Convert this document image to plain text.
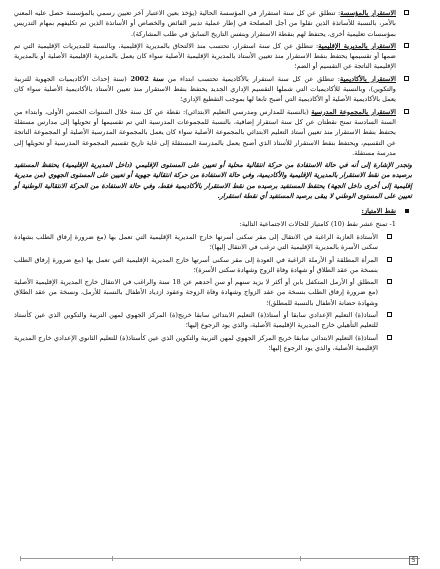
الاستقرار بالمؤسسة: تنطلق عن كل سنة استقرار في المؤسسة الحالية (يؤخذ بعين الاعتبار آخر تعيين رسمي بالمؤسسة حصل عليه المعني بالأمر، بالنسبة للأساتذة الذين نقلوا من أجل المصلحة في إطار عملية تدبير الفائض والخصاص أو الأساتذة الذين تم تكليفهم بمهام التدريس بمؤسسات تعليمية أخرى، يحتفظ لهم بنقطة الاستقرار وبنفس التاريخ السابق في طلب المشاركة).
الاستقرار بالمديرية الإقليمية: تنطلق عن كل سنة استقرار، تحتسب منذ الالتحاق بالمديرية الإقليمية، وبالنسبة للمديريات الإقليمية التي تم ضمها أو تقسيمها يحتفظ بنقط الاستقرار منذ تعيين الأستاذ بالمديرية الإقليمية الأصلية سواء كان يعمل بالمديرية الإقليمية الأصلية أو بالمديرية الإقليمية الناتجة عن التقسيم أو الضم؛
الاستقرار بالأكاديمية: تنطلق عن كل سنة استقرار بالأكاديمية تحتسب ابتداء من سنة 2002 (سنة إحداث الأكاديميات الجهوية للتربية والتكوين)، وبالنسبة للأكاديميات التي شملها التقسيم الإداري الجديد يحتفظ بنقط الاستقرار منذ تعيين الأستاذ بالأكاديمية الأصلية سواء كان يعمل بالأكاديمية الأصلية أو الأكاديمية التي أصبح تابعا لها بموجب التقطيع الإداري؛
الاستقرار بالمجموعة المدرسية (بالنسبة للمدارس ومدرسي التعليم الابتدائي): نقطة عن كل سنة خلال السنوات الخمس الأولى، وابتداء من السنة السادسة تمنح نقطتان عن كل سنة استقرار إضافية، بالنسبة للمجموعات المدرسية التي تم تقسيمها أو تحويلها إلى مدارس مستقلة يحتفظ بنقط الاستقرار منذ تعيين أستاذ التعليم الابتدائي بالمجموعة الأصلية سواء كان يعمل بالمجموعة المدرسية الأصلية أو المجموعة الناتجة عن التقسيم، ويحتفظ بنقط الاستقرار للأستاذ الذي أصبح يعمل بالمدرسة المستقلة إلى غاية تاريخ تقسيم المجموعة المدرسية أو تحويلها إلى مدرسة مستقلة.
وتجدر الإشارة إلى أنه في حالة الاستفادة من حركة انتقالية محلية أو تعيين على المستوى الإقليمي (داخل المديرية الإقليمية) يحتفظ المستفيد برصيده من نقط الاستقرار بالمديرية الإقليمية والأكاديمية، وفي حالة الاستفادة من حركة انتقالية جهوية أو تعيين على المستوى الجهوي (من مديرية إقليمية إلى أخرى داخل الجهة) يحتفظ المستفيد برصيده من نقط الاستقرار بالأكاديمية فقط، وفي حالة الاستفادة من الحركة الانتقالية الوطنية أو تعيين على المستوى الوطني لا يبقى برصيد المستفيد أي نقطة استقرار.
نقط الامتياز:
1- تمنح عشر نقط (10) كامتياز للحالات الاجتماعية التالية:
الأستاذة العازبة الراغبة في الانتقال إلى مقر سكنى أسرتها خارج المديرية الإقليمية التي تعمل بها (مع ضرورة إرفاق الطلب بشهادة سكنى الأسرة بالمديرية الإقليمية التي ترغب في الانتقال إليها)؛
المرأة المطلقة أو الأرملة الراغبة في العودة إلى مقر سكنى أسرتها خارج المديرية الإقليمية التي تعمل بها (مع ضرورة إرفاق الطلب بنسخة من عقد الطلاق أو شهادة وفاة الزوج وشهادة سكنى الأسرة)؛
المطلق أو الأرمل المتكفل بابن أو أكثر لا يزيد سنهم أو سن أحدهم عن 18 سنة والراغب في الانتقال خارج المديرية الإقليمية الأصلية (مع ضرورة إرفاق الطلب بنسخة من عقد الزواج وشهادة وفاة الزوجة وعقود ازدياد الأطفال بالنسبة للأرمل، ونسخة من عقد الطلاق وشهادة حضانة الأطفال بالنسبة للمطلق)؛
أستاذ(ة) التعليم الإعدادي سابقا أو أستاذ(ة) التعليم الابتدائي سابقا خريج(ة) المركز الجهوي لمهن التربية والتكوين الذي عين كأستاذ للتعليم التأهيلي خارج المديرية الإقليمية الأصلية، والذي يود الرجوع إليها؛
أستاذ(ة) التعليم الابتدائي سابقا خريج المركز الجهوي لمهن التربية والتكوين الذي عين كأستاذ(ة) للتعليم الثانوي الإعدادي خارج المديرية الإقليمية الأصلية، والذي يود الرجوع إليها؛
5
